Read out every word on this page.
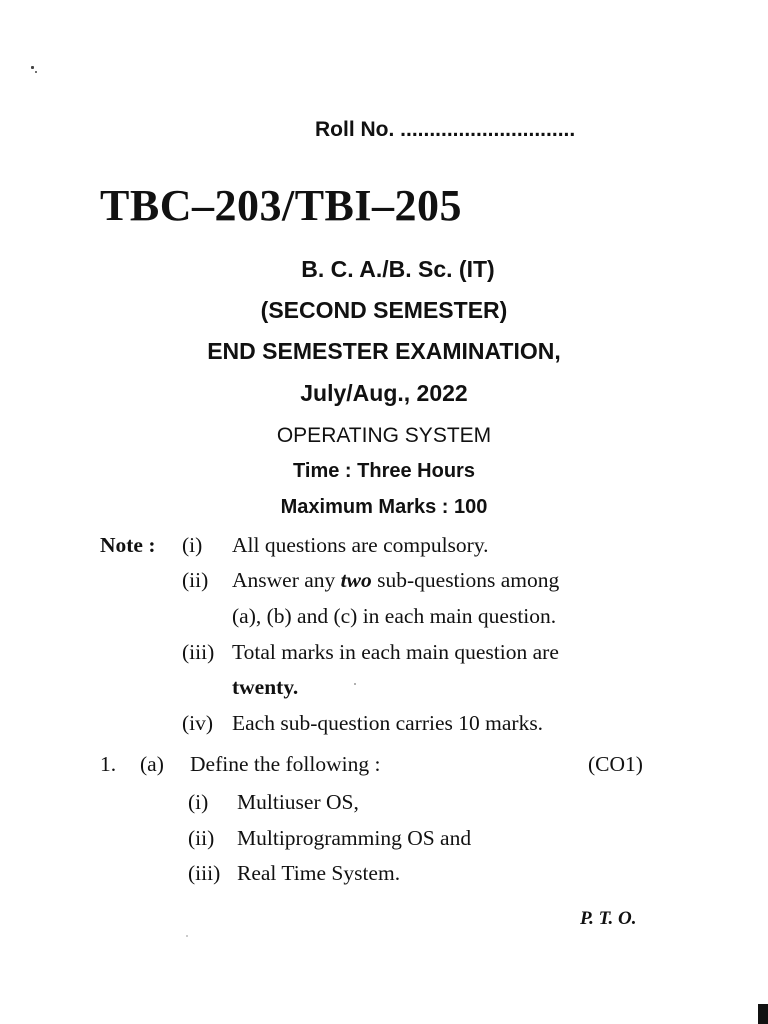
Roll No. ..............................
TBC–203/TBI–205
B. C. A./B. Sc. (IT)
(SECOND SEMESTER)
END SEMESTER EXAMINATION,
July/Aug., 2022
OPERATING SYSTEM
Time : Three Hours
Maximum Marks : 100
Note : (i) All questions are compulsory.
(ii) Answer any two sub-questions among
(a), (b) and (c) in each main question.
(iii) Total marks in each main question are
twenty.
(iv) Each sub-question carries 10 marks.
1. (a) Define the following :	(CO1)
(i) Multiuser OS,
(ii) Multiprogramming OS and
(iii) Real Time System.
P. T. O.
